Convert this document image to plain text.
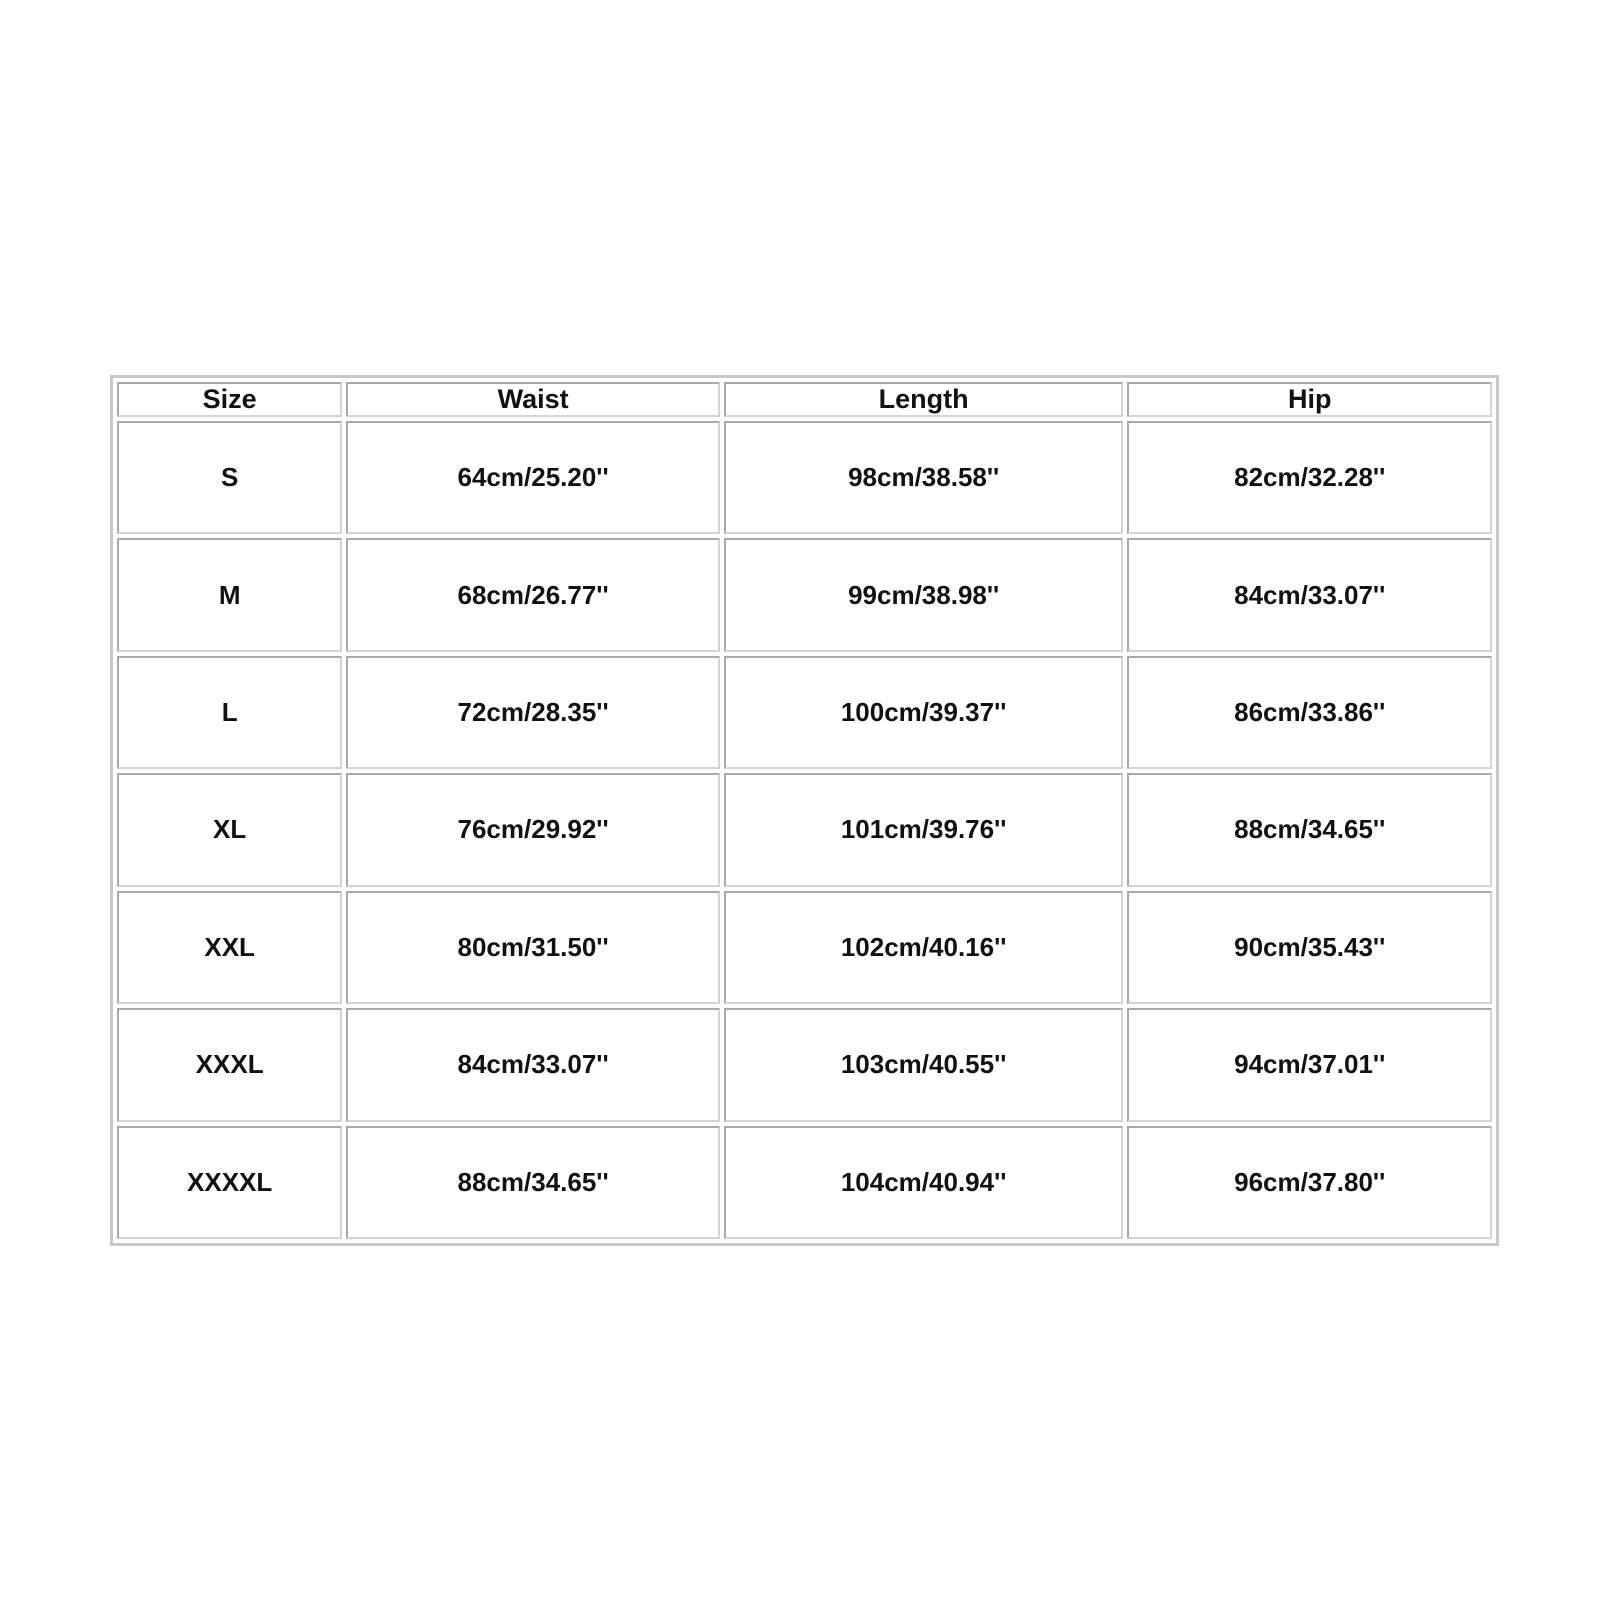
Size	Waist	Length	Hip
S	64cm/25.20''	98cm/38.58''	82cm/32.28''
M	68cm/26.77''	99cm/38.98''	84cm/33.07''
L	72cm/28.35''	100cm/39.37''	86cm/33.86''
XL	76cm/29.92''	101cm/39.76''	88cm/34.65''
XXL	80cm/31.50''	102cm/40.16''	90cm/35.43''
XXXL	84cm/33.07''	103cm/40.55''	94cm/37.01''
XXXXL	88cm/34.65''	104cm/40.94''	96cm/37.80''
